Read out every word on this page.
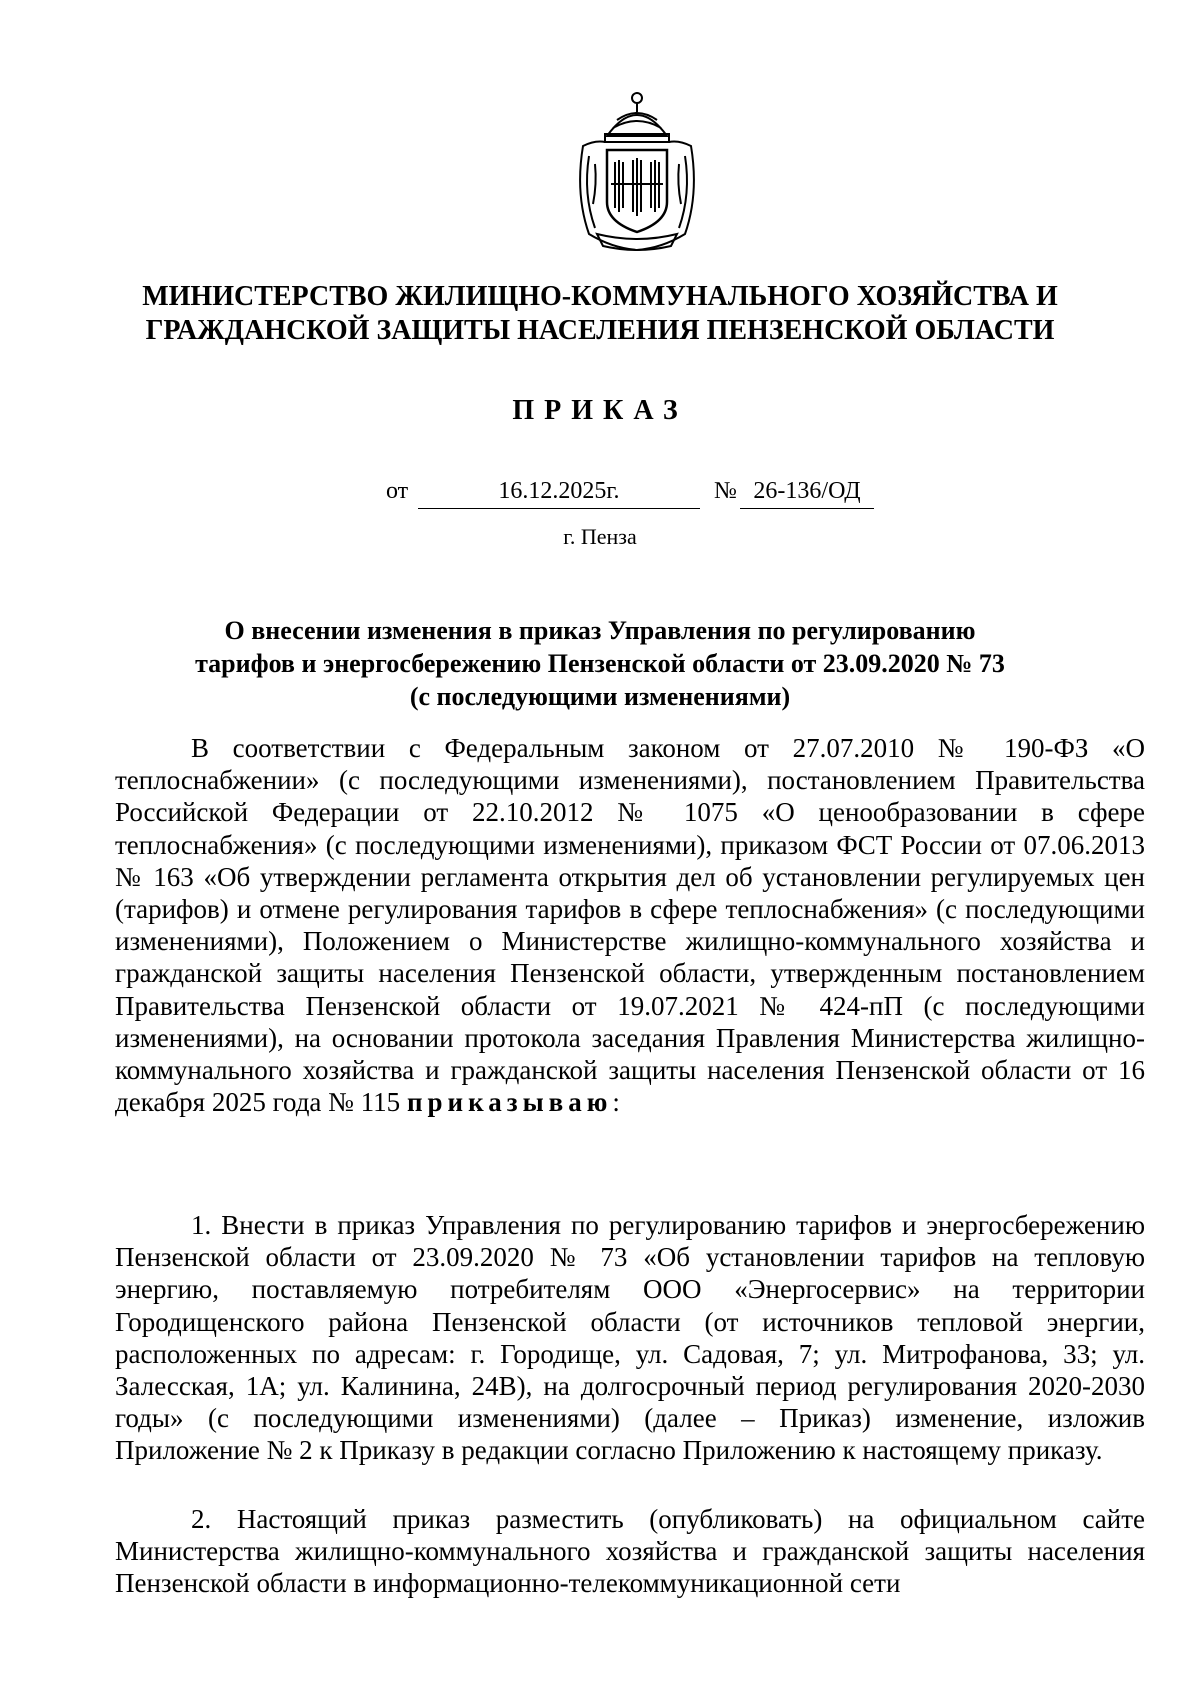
МИНИСТЕРСТВО ЖИЛИЩНО-КОММУНАЛЬНОГО ХОЗЯЙСТВА И
ГРАЖДАНСКОЙ ЗАЩИТЫ НАСЕЛЕНИЯ ПЕНЗЕНСКОЙ ОБЛАСТИ
ПРИКАЗ
от	16.12.2025г.	№ 26-136/ОД
г. Пенза
О внесении изменения в приказ Управления по регулированию
тарифов и энергосбережению Пензенской области от 23.09.2020 № 73
(с последующими изменениями)
В соответствии с Федеральным законом от 27.07.2010 № 190-ФЗ «О теплоснабжении» (с последующими изменениями), постановлением Правительства Российской Федерации от 22.10.2012 № 1075 «О ценообразовании в сфере теплоснабжения» (с последующими изменениями), приказом ФСТ России от 07.06.2013 № 163 «Об утверждении регламента открытия дел об установлении регулируемых цен (тарифов) и отмене регулирования тарифов в сфере теплоснабжения» (с последующими изменениями), Положением о Министерстве жилищно-коммунального хозяйства и гражданской защиты населения Пензенской области, утвержденным постановлением Правительства Пензенской области от 19.07.2021 № 424-пП (с последующими изменениями), на основании протокола заседания Правления Министерства жилищно-коммунального хозяйства и гражданской защиты населения Пензенской области от 16 декабря 2025 года № 115 приказываю:
1. Внести в приказ Управления по регулированию тарифов и энергосбережению Пензенской области от 23.09.2020 № 73 «Об установлении тарифов на тепловую энергию, поставляемую потребителям ООО «Энергосервис» на территории Городищенского района Пензенской области (от источников тепловой энергии, расположенных по адресам: г. Городище, ул. Садовая, 7; ул. Митрофанова, 33; ул. Залесская, 1А; ул. Калинина, 24В), на долгосрочный период регулирования 2020-2030 годы» (с последующими изменениями) (далее – Приказ) изменение, изложив Приложение № 2 к Приказу в редакции согласно Приложению к настоящему приказу.
2. Настоящий приказ разместить (опубликовать) на официальном сайте Министерства жилищно-коммунального хозяйства и гражданской защиты населения Пензенской области в информационно-телекоммуникационной сети
